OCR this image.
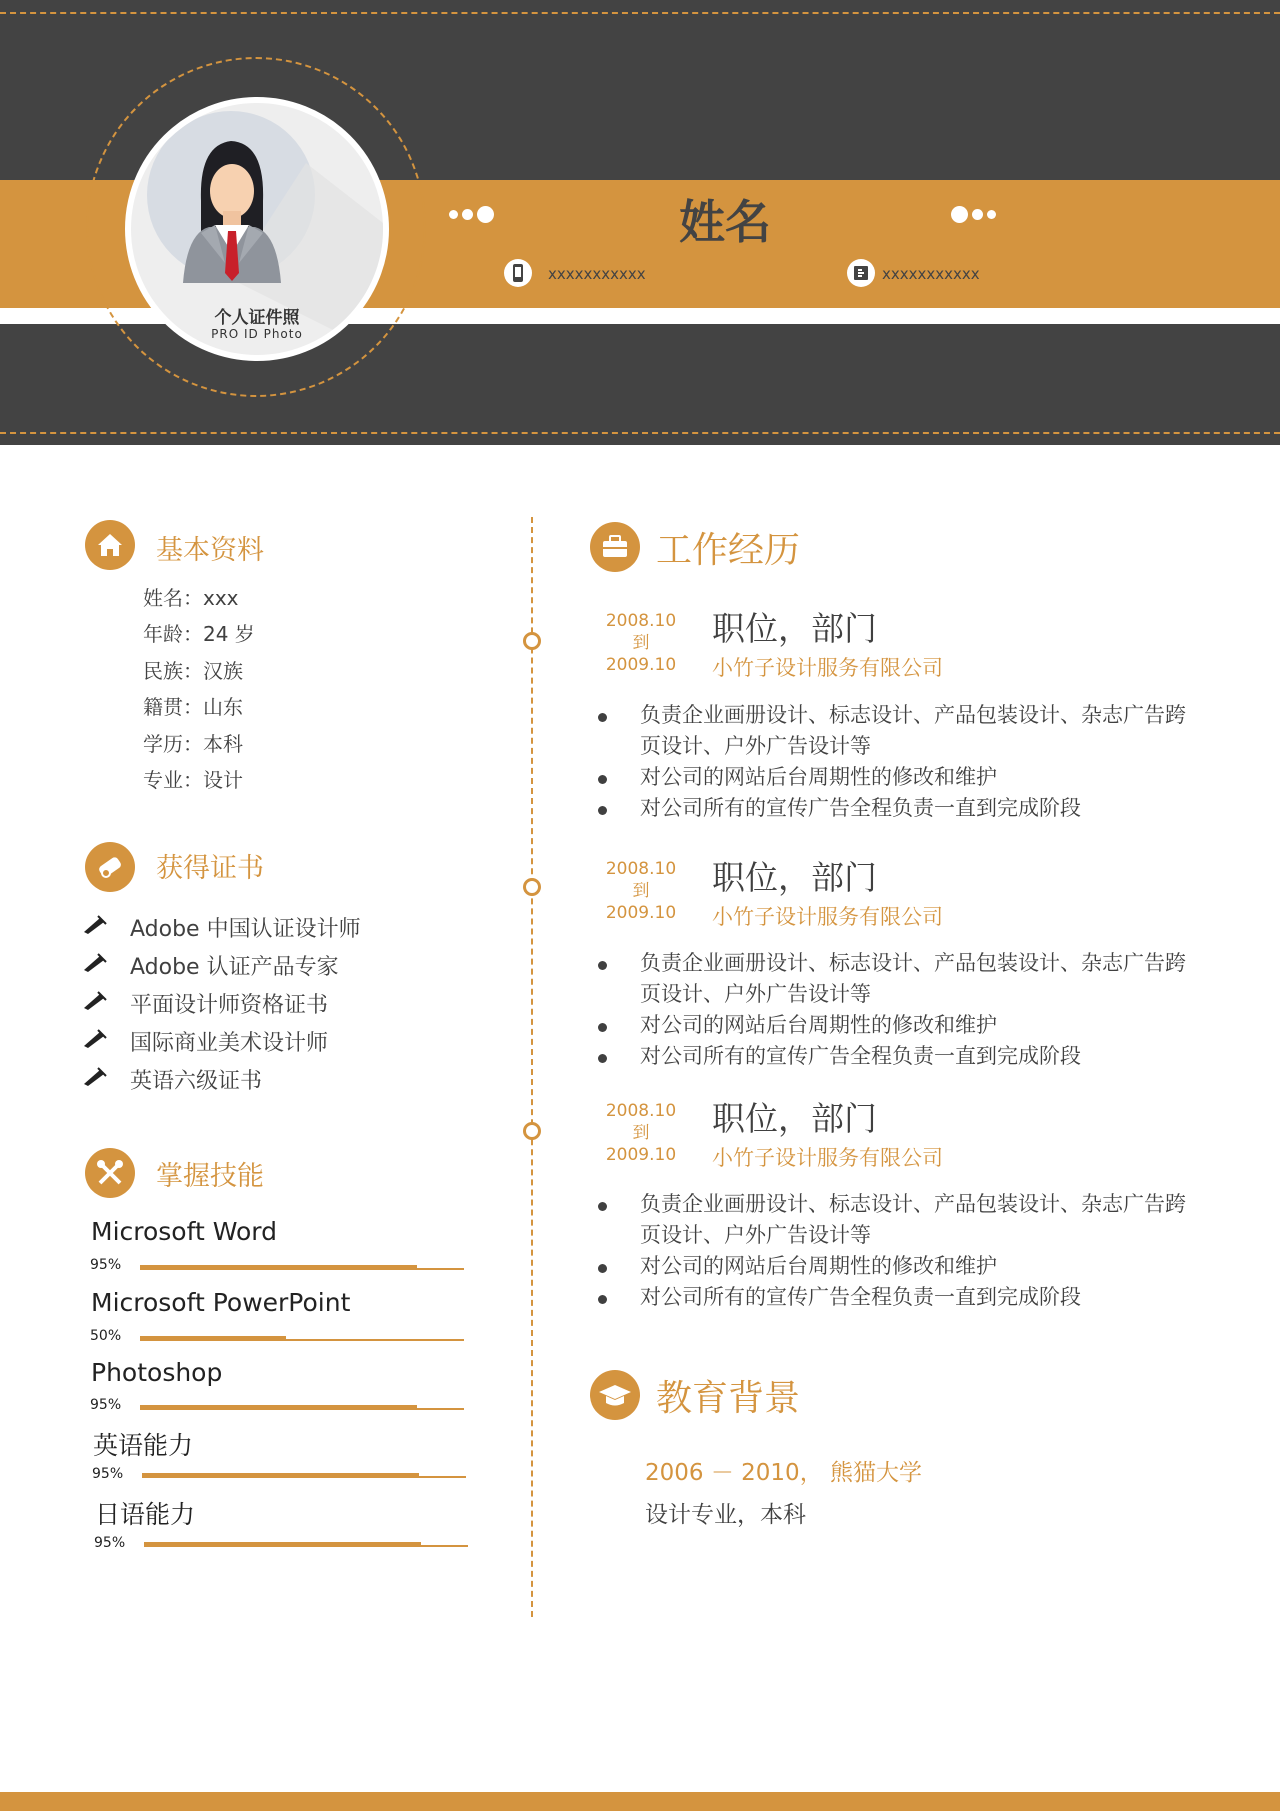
个人证件照
PRO ID Photo
姓名
xxxxxxxxxxx	xxxxxxxxxxx
基本资料
姓名：xxx
年龄：24 岁
民族：汉族
籍贯：山东
学历：本科
专业：设计
获得证书
Adobe 中国认证设计师
Adobe 认证产品专家
平面设计师资格证书
国际商业美术设计师
英语六级证书
掌握技能
Microsoft Word
95%
Microsoft PowerPoint
50%
Photoshop
95%
英语能力
95%
日语能力
95%
工作经历
2008.10
到
2009.10
职位，部门
小竹子设计服务有限公司
负责企业画册设计、标志设计、产品包装设计、杂志广告跨页设计、户外广告设计等
对公司的网站后台周期性的修改和维护
对公司所有的宣传广告全程负责一直到完成阶段
2008.10
到
2009.10
职位，部门
小竹子设计服务有限公司
负责企业画册设计、标志设计、产品包装设计、杂志广告跨页设计、户外广告设计等
对公司的网站后台周期性的修改和维护
对公司所有的宣传广告全程负责一直到完成阶段
2008.10
到
2009.10
职位，部门
小竹子设计服务有限公司
负责企业画册设计、标志设计、产品包装设计、杂志广告跨页设计、户外广告设计等
对公司的网站后台周期性的修改和维护
对公司所有的宣传广告全程负责一直到完成阶段
教育背景
2006 － 2010， 熊猫大学
设计专业，本科
